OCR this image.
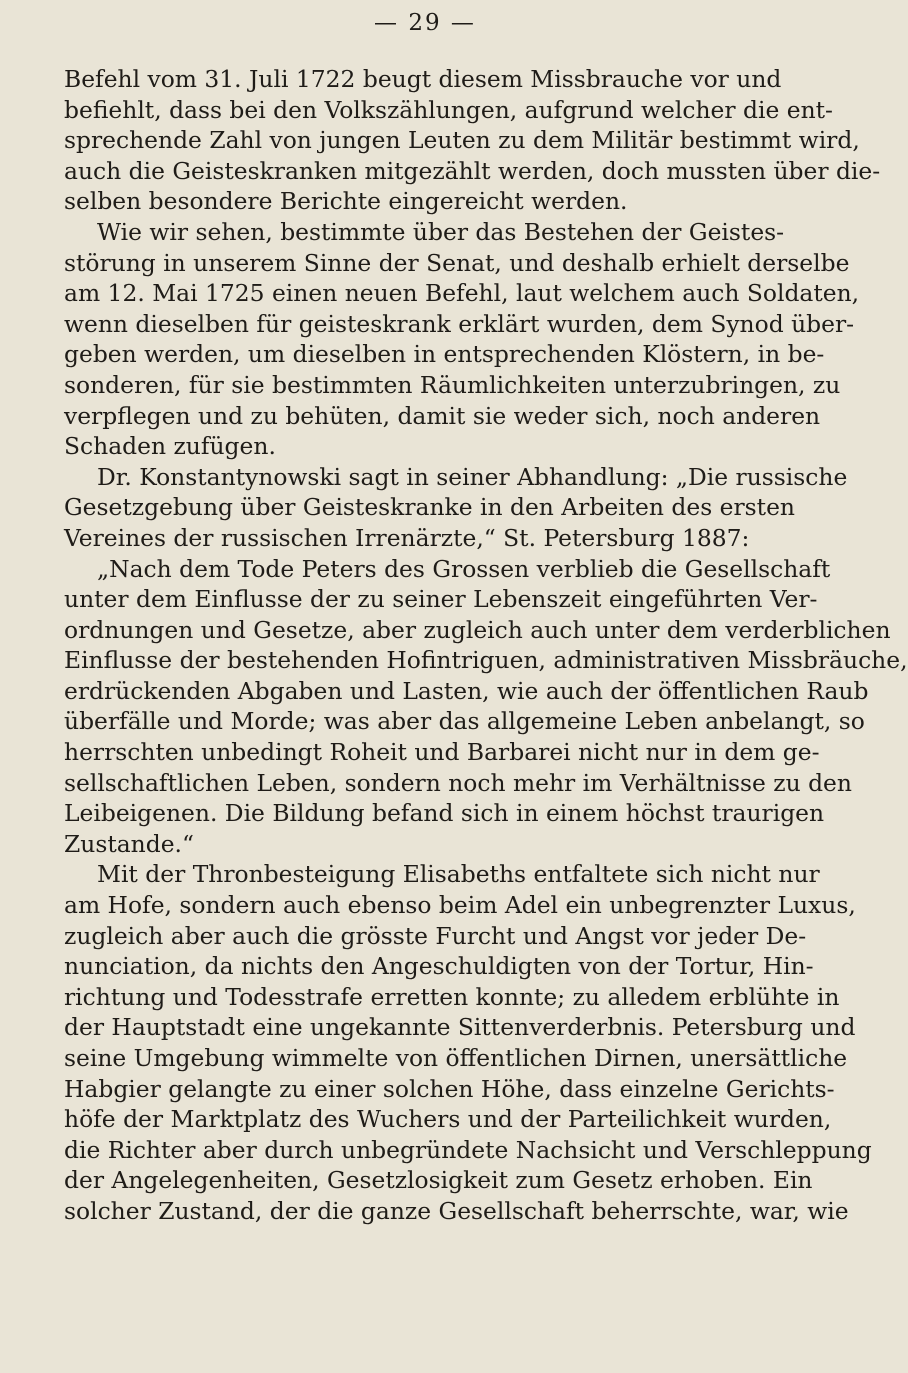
— 29 —
Befehl vom 31. Juli 1722 beugt diesem Missbrauche vor und
befiehlt, dass bei den Volkszählungen, aufgrund welcher die ent-
sprechende Zahl von jungen Leuten zu dem Militär bestimmt wird,
auch die Geisteskranken mitgezählt werden, doch mussten über die-
selben besondere Berichte eingereicht werden.
Wie wir sehen, bestimmte über das Bestehen der Geistes-
störung in unserem Sinne der Senat, und deshalb erhielt derselbe
am 12. Mai 1725 einen neuen Befehl, laut welchem auch Soldaten,
wenn dieselben für geisteskrank erklärt wurden, dem Synod über-
geben werden, um dieselben in entsprechenden Klöstern, in be-
sonderen, für sie bestimmten Räumlichkeiten unterzubringen, zu
verpflegen und zu behüten, damit sie weder sich, noch anderen
Schaden zufügen.
Dr. Konstantynowski sagt in seiner Abhandlung: „Die russische
Gesetzgebung über Geisteskranke in den Arbeiten des ersten
Vereines der russischen Irrenärzte,“ St. Petersburg 1887:
„Nach dem Tode Peters des Grossen verblieb die Gesellschaft
unter dem Einflusse der zu seiner Lebenszeit eingeführten Ver-
ordnungen und Gesetze, aber zugleich auch unter dem verderblichen
Einflusse der bestehenden Hofintriguen, administrativen Missbräuche,
erdrückenden Abgaben und Lasten, wie auch der öffentlichen Raub
überfälle und Morde; was aber das allgemeine Leben anbelangt, so
herrschten unbedingt Roheit und Barbarei nicht nur in dem ge-
sellschaftlichen Leben, sondern noch mehr im Verhältnisse zu den
Leibeigenen. Die Bildung befand sich in einem höchst traurigen
Zustande.“
Mit der Thronbesteigung Elisabeths entfaltete sich nicht nur
am Hofe, sondern auch ebenso beim Adel ein unbegrenzter Luxus,
zugleich aber auch die grösste Furcht und Angst vor jeder De-
nunciation, da nichts den Angeschuldigten von der Tortur, Hin-
richtung und Todesstrafe erretten konnte; zu alledem erblühte in
der Hauptstadt eine ungekannte Sittenverderbnis. Petersburg und
seine Umgebung wimmelte von öffentlichen Dirnen, unersättliche
Habgier gelangte zu einer solchen Höhe, dass einzelne Gerichts-
höfe der Marktplatz des Wuchers und der Parteilichkeit wurden,
die Richter aber durch unbegründete Nachsicht und Verschleppung
der Angelegenheiten, Gesetzlosigkeit zum Gesetz erhoben. Ein
solcher Zustand, der die ganze Gesellschaft beherrschte, war, wie
